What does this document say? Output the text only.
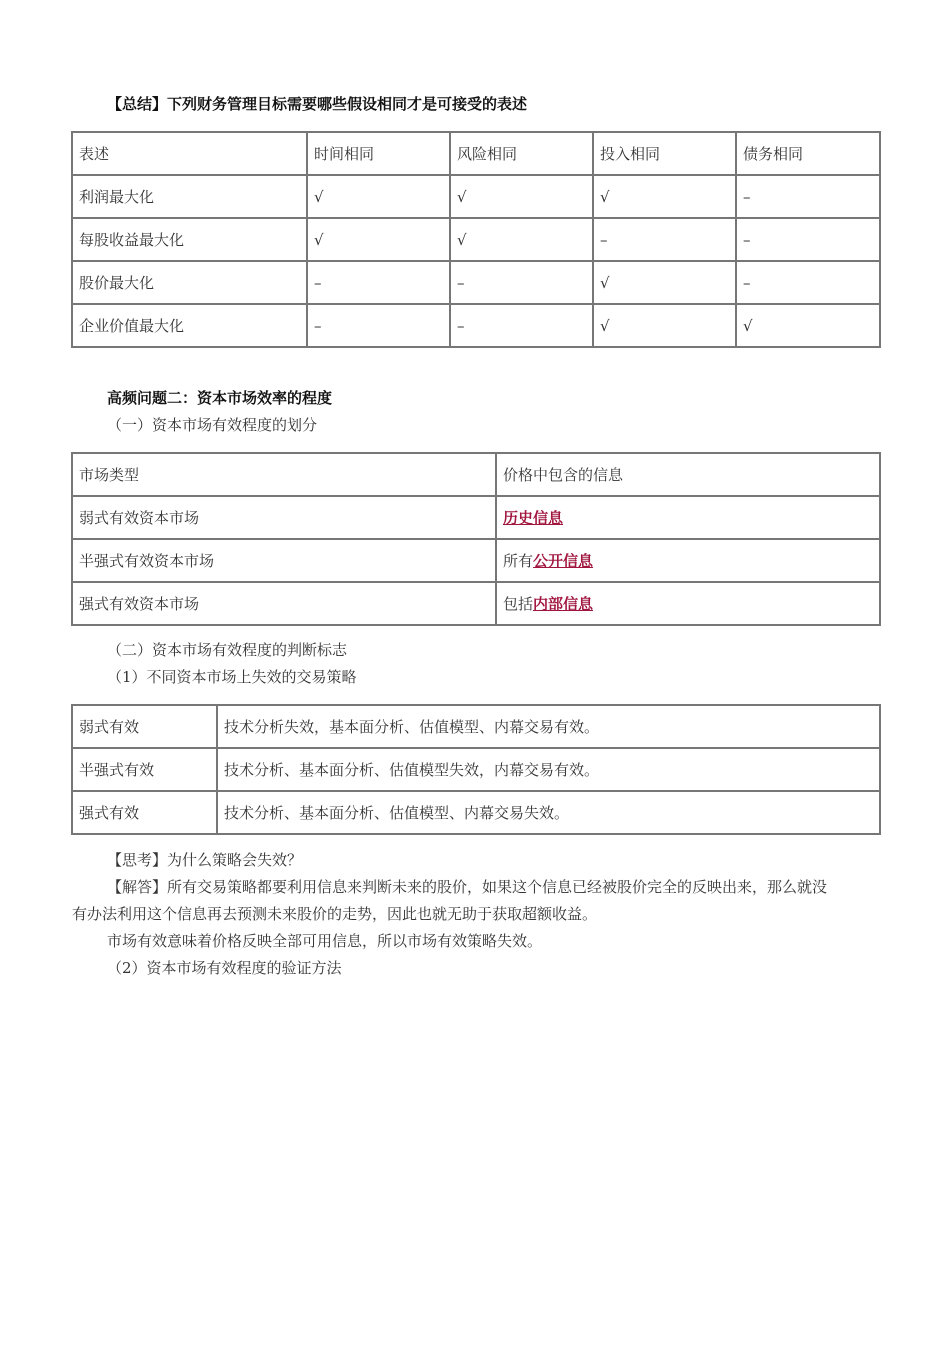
【总结】下列财务管理目标需要哪些假设相同才是可接受的表述
表述	时间相同	风险相同	投入相同	债务相同
利润最大化	√	√	√	–
每股收益最大化	√	√	–	–
股价最大化	–	–	√	–
企业价值最大化	–	–	√	√
高频问题二：资本市场效率的程度
（一）资本市场有效程度的划分
市场类型	价格中包含的信息
弱式有效资本市场	历史信息
半强式有效资本市场	所有公开信息
强式有效资本市场	包括内部信息
（二）资本市场有效程度的判断标志
（1）不同资本市场上失效的交易策略
弱式有效	技术分析失效，基本面分析、估值模型、内幕交易有效。
半强式有效	技术分析、基本面分析、估值模型失效，内幕交易有效。
强式有效	技术分析、基本面分析、估值模型、内幕交易失效。
【思考】为什么策略会失效？
【解答】所有交易策略都要利用信息来判断未来的股价，如果这个信息已经被股价完全的反映出来，那么就没
有办法利用这个信息再去预测未来股价的走势，因此也就无助于获取超额收益。
市场有效意味着价格反映全部可用信息，所以市场有效策略失效。
（2）资本市场有效程度的验证方法
